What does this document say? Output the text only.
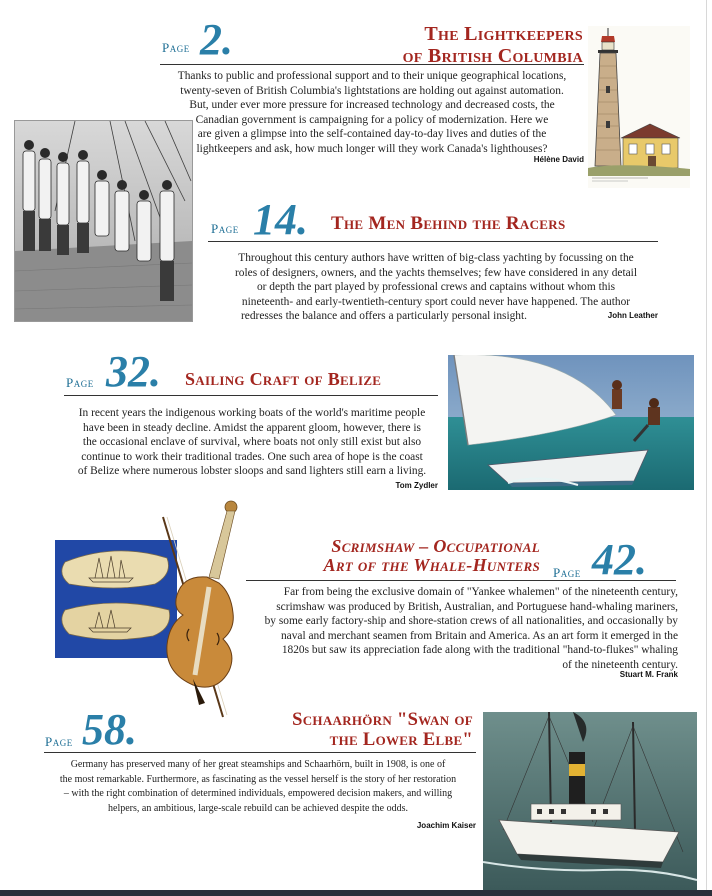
Page 2.	The Lightkeepers
of British Columbia
Thanks to public and professional support and to their unique geographical locations,
twenty-seven of British Columbia's lightstations are holding out against automation.
But, under ever more pressure for increased technology and decreased costs, the
Canadian government is campaigning for a policy of modernization. Here we
are given a glimpse into the self-contained day-to-day lives and duties of the
lightkeepers and ask, how much longer will they work Canada's lighthouses?
Hélène David
Page 14. The Men Behind the Racers
Throughout this century authors have written of big-class yachting by focussing on the
roles of designers, owners, and the yachts themselves; few have considered in any detail
or depth the part played by professional crews and captains without whom this
nineteenth- and early-twentieth-century sport could never have happened. The author
redresses the balance and offers a particularly personal insight.	John Leather
Page 32. Sailing Craft of Belize
In recent years the indigenous working boats of the world's maritime people
have been in steady decline. Amidst the apparent gloom, however, there is
the occasional enclave of survival, where boats not only still exist but also
continue to work their traditional trades. One such area of hope is the coast
of Belize where numerous lobster sloops and sand lighters still earn a living.
Tom Zydler
Scrimshaw – Occupational
Art of the Whale-Hunters Page 42.
Far from being the exclusive domain of "Yankee whalemen" of the nineteenth century,
scrimshaw was produced by British, Australian, and Portuguese hand-whaling mariners,
by some early factory-ship and shore-station crews of all nationalities, and occasionally by
naval and merchant seamen from Britain and America. As an art form it emerged in the
1820s but saw its appreciation fade along with the traditional "hand-to-flukes" whaling
of the nineteenth century.
Stuart M. Frank
Page 58.	Schaarhörn "Swan of
the Lower Elbe"
Germany has preserved many of her great steamships and Schaarhörn, built in 1908, is one of
the most remarkable. Furthermore, as fascinating as the vessel herself is the story of her restoration
– with the right combination of determined individuals, empowered decision makers, and willing
helpers, an ambitious, large-scale rebuild can be achieved despite the odds.
Joachim Kaiser
